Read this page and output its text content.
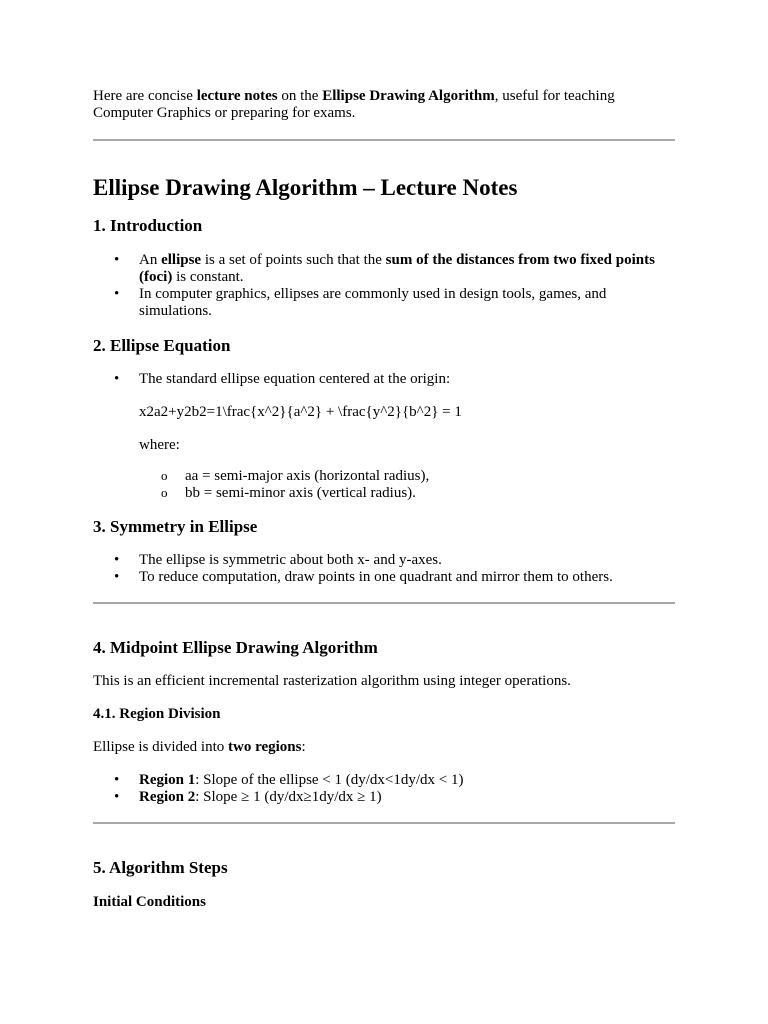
Here are concise lecture notes on the Ellipse Drawing Algorithm, useful for teaching Computer Graphics or preparing for exams.

Ellipse Drawing Algorithm – Lecture Notes
1. Introduction
• An ellipse is a set of points such that the sum of the distances from two fixed points (foci) is constant.
• In computer graphics, ellipses are commonly used in design tools, games, and simulations.
2. Ellipse Equation

• The standard ellipse equation centered at the origin:

x2a2+y2b2=1\frac{x^2}{a^2} + \frac{y^2}{b^2} = 1

where:

o aa = semi-major axis (horizontal radius),
o bb = semi-minor axis (vertical radius).
3. Symmetry in Ellipse
• The ellipse is symmetric about both x- and y-axes.
• To reduce computation, draw points in one quadrant and mirror them to others.
4. Midpoint Ellipse Drawing Algorithm

This is an efficient incremental rasterization algorithm using integer operations.

4.1. Region Division

Ellipse is divided into two regions:

• Region 1: Slope of the ellipse < 1 (dy/dx<1dy/dx < 1)
• Region 2: Slope ≥ 1 (dy/dx≥1dy/dx ≥ 1)
5. Algorithm Steps
Initial Conditions
